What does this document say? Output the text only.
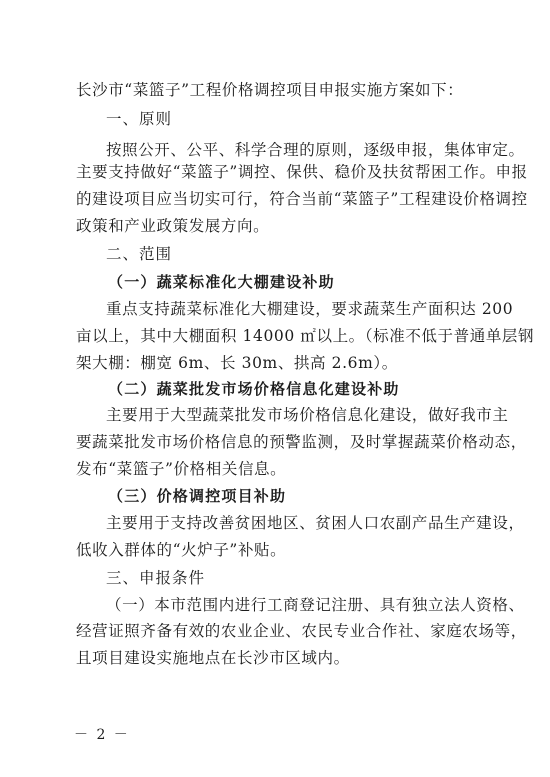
长沙市“菜篮子”工程价格调控项目申报实施方案如下：
一、原则
按照公开、公平、科学合理的原则，逐级申报，集体审定。
主要支持做好“菜篮子”调控、保供、稳价及扶贫帮困工作。申报
的建设项目应当切实可行，符合当前“菜篮子”工程建设价格调控
政策和产业政策发展方向。
二、范围
（一）蔬菜标准化大棚建设补助
重点支持蔬菜标准化大棚建设，要求蔬菜生产面积达 200
亩以上，其中大棚面积 14000 ㎡以上。（标准不低于普通单层钢
架大棚：棚宽 6m、长 30m、拱高 2.6m）。
（二）蔬菜批发市场价格信息化建设补助
主要用于大型蔬菜批发市场价格信息化建设，做好我市主
要蔬菜批发市场价格信息的预警监测，及时掌握蔬菜价格动态，
发布“菜篮子”价格相关信息。
（三）价格调控项目补助
主要用于支持改善贫困地区、贫困人口农副产品生产建设，
低收入群体的“火炉子”补贴。
三、申报条件
（一）本市范围内进行工商登记注册、具有独立法人资格、
经营证照齐备有效的农业企业、农民专业合作社、家庭农场等，
且项目建设实施地点在长沙市区域内。
－ 2 －
